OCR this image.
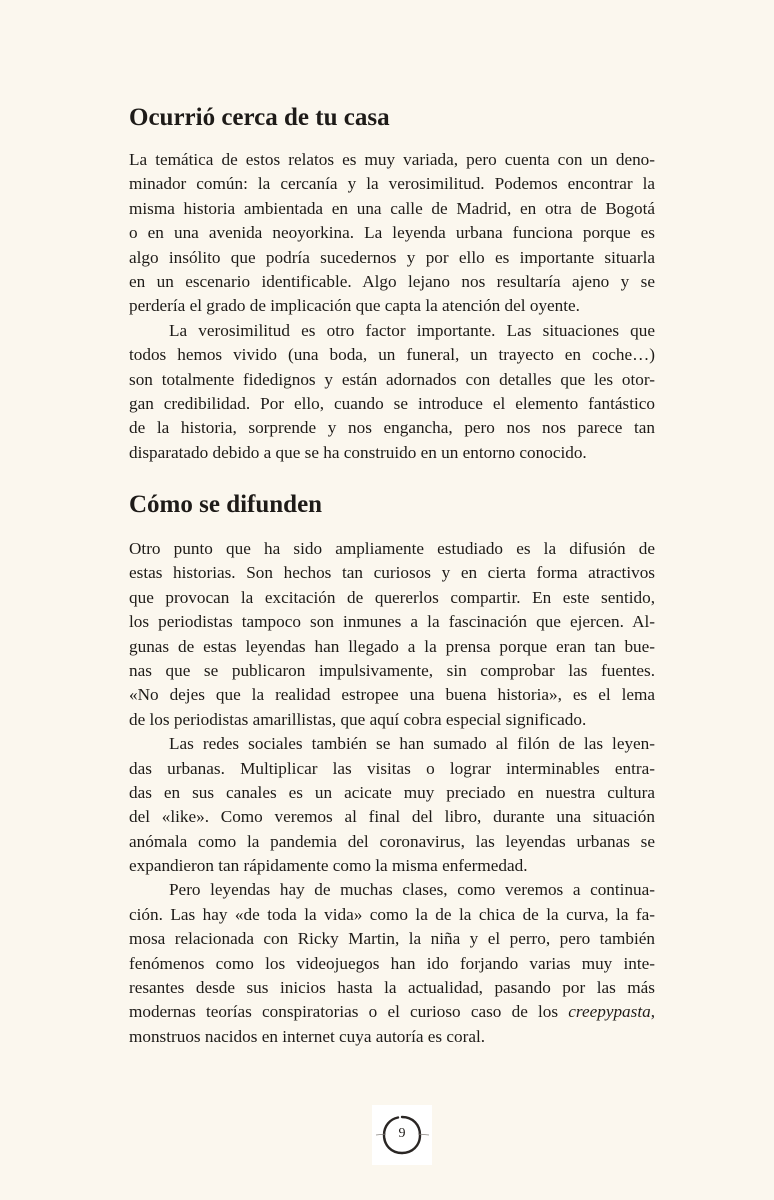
Ocurrió cerca de tu casa

La temática de estos relatos es muy variada, pero cuenta con un deno-
minador común: la cercanía y la verosimilitud. Podemos encontrar la
misma historia ambientada en una calle de Madrid, en otra de Bogotá
o en una avenida neoyorkina. La leyenda urbana funciona porque es
algo insólito que podría sucedernos y por ello es importante situarla
en un escenario identificable. Algo lejano nos resultaría ajeno y se
perdería el grado de implicación que capta la atención del oyente.

La verosimilitud es otro factor importante. Las situaciones que
todos hemos vivido (una boda, un funeral, un trayecto en coche…)
son totalmente fidedignos y están adornados con detalles que les otor-
gan credibilidad. Por ello, cuando se introduce el elemento fantástico
de la historia, sorprende y nos engancha, pero nos nos parece tan
disparatado debido a que se ha construido en un entorno conocido.

Cómo se difunden

Otro punto que ha sido ampliamente estudiado es la difusión de
estas historias. Son hechos tan curiosos y en cierta forma atractivos
que provocan la excitación de quererlos compartir. En este sentido,
los periodistas tampoco son inmunes a la fascinación que ejercen. Al-
gunas de estas leyendas han llegado a la prensa porque eran tan bue-
nas que se publicaron impulsivamente, sin comprobar las fuentes.
«No dejes que la realidad estropee una buena historia», es el lema
de los periodistas amarillistas, que aquí cobra especial significado.

Las redes sociales también se han sumado al filón de las leyen-
das urbanas. Multiplicar las visitas o lograr interminables entra-
das en sus canales es un acicate muy preciado en nuestra cultura
del «like». Como veremos al final del libro, durante una situación
anómala como la pandemia del coronavirus, las leyendas urbanas se
expandieron tan rápidamente como la misma enfermedad.

Pero leyendas hay de muchas clases, como veremos a continua-
ción. Las hay «de toda la vida» como la de la chica de la curva, la fa-
mosa relacionada con Ricky Martin, la niña y el perro, pero también
fenómenos como los videojuegos han ido forjando varias muy inte-
resantes desde sus inicios hasta la actualidad, pasando por las más
modernas teorías conspiratorias o el curioso caso de los creepypasta,
monstruos nacidos en internet cuya autoría es coral.

9
